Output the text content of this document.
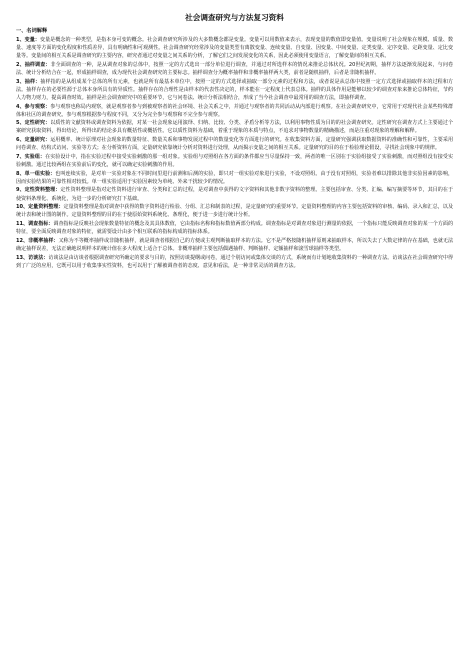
社会调查研究与方法复习资料
一、名词解释
1、变量：变量是概念的一种类型，是指本身可变的概念。社会调查研究所涉及的大多数概念都是变量。变量可以用数值来表示，表现变量的数值即变量值。变量说明了社会现象在规模、质量、数量、速度等方面的变化程度和性质差异，具有明确性和可观测性。社会调查研究经常涉及的变量类型有离散变量、连续变量、自变量、因变量、中间变量、定类变量、定序变量、定距变量、定比变量等。变量间的相互关系是调查研究的主要内容，研究者通过对变量之间关系的分析，了解它们之间发展变化的关系，因此必须使用变量语言，了解变量间的相互关系。
2、抽样调查：非全面调查的一种，是从调查对象的总体中，按照一定的方式选出一部分单位进行调查，并通过对所选样本的情况来推论总体状况。20世纪初期，抽样方法逐渐发展起来，与问卷法、统计分析结合在一起，形成抽样调查，成为现代社会调查研究的主要标志。抽样调查分为概率抽样和非概率抽样两大类，前者是随机抽样，后者是非随机抽样。
3、抽样：抽样指的是从组成某个总体的所有元素，也就是所有最基本单位中，按照一定的方式选择或抽取一部分元素的过程和方法，或者说是从总体中按照一定方式选择或抽取样本的过程和方法。抽样存在的必要性源于总体本身所具有的异质性。抽样存在的合理性是由样本的代表性决定的，样本能在一定程度上代表总体。抽样的具体作用是能够以较少的调查对象来推论总体特征，节约人力物力财力，提高调查时效。抽样是社会调查研究中的重要环节，它与问卷法、统计分析法相结合，形成了当今社会调查中最常用的调查方法，即抽样调查。
4、参与观察：参与观察也称局内观察，就是观察者参与到被观察者的社会环境、社会关系之中，并通过与观察者的共同活动从内部进行观察。在社会调查研究中，它常用于对现代社会某些特殊群体和社区的调查研究。参与观察根据参与程度不同，又分为完全参与观察和不完全参与观察。
5、定性研究：以质性的文献资料或调查资料为依据，对某一社会现象运用演绎、归纳、比较、分类、矛盾分析等方法，以利用事物性质为目的的社会调查研究。定性研究在调查方式上主要通过个案研究获取资料，得出结论，所得出的结论多具有概括性或概括性。它以质性资料为基础，着重于现象的本质与特点，不追求对事物数量的精确描述，而是注重对现象的理解和解释。
6、定量研究：运用概率、统计原理对社会现象的数量特征、数量关系和事物发展过程中的数量变化等方面进行的研究。在收集资料方面，定量研究强调获取数据资料的准确性和可靠性，主要采用问卷调查、结构式访问、实验等方式；在分析资料方面，定量研究依靠统计分析对资料进行处理，从而揭示变量之间的相互关系。定量研究的目的在于检验理论假设，寻找社会现象中的规律。
7、实验组：在实验设计中，指在实验过程中接受实验刺激的那一组对象。实验组与对照组在各方面的条件都应当尽量保持一致，两者的唯一区别在于实验组接受了实验刺激，而对照组没有接受实验刺激。通过比较两组在实验前后的变化，就可以确定实验刺激的作用。
8、单一组实验：也叫连续实验，是对单一实验对象在不同时间里进行前测和后测的实验，即只对一组实验对象进行实验，不设对照组。由于没有对照组，实验者难以排除其他非实验因素的影响，因而实验结果的可靠性相对较低。单一组实验适用于实验因素较为单纯、外来干扰较少的情况。
9、定性资料整理：定性资料整理是指对定性资料进行审查、分类和汇总的过程，是对调查中获得的文字资料和其他非数字资料的整理。主要包括审查、分类、汇编、编写摘要等环节，其目的在于使资料条理化、系统化，为进一步的分析研究打下基础。
10、定量资料整理：定量资料整理是指对调查中获得的数字资料进行检验、分组、汇总和制表的过程，是定量研究的重要环节。定量资料整理的内容主要包括资料的审核、编码、录入和汇总，以及统计表和统计图的制作。定量资料整理的目的在于使原始资料系统化、条理化，便于进一步进行统计分析。
11、调查指标：调查指标是反映社会现象数量特征的概念及其具体数值，它由指标名称和指标数值两部分构成。调查指标是对调查对象进行测量的依据，一个指标只能反映调查对象的某一个方面的特征，要全面反映调查对象的特征，就需要设计由多个相互联系的指标构成的指标体系。
12、非概率抽样：又称为不等概率抽样或非随机抽样，就是调查者根据自己的方便或主观判断抽取样本的方法。它不是严格按随机抽样原则来抽取样本，所以失去了大数定律的存在基础，也就无法确定抽样误差，无法正确地说明样本的统计值在多大程度上适合于总体。非概率抽样主要包括偶遇抽样、判断抽样、定额抽样和滚雪球抽样等类型。
13、访谈法：访谈法是由访谈者根据调查研究所确定的要求与目的，按照访谈提纲或问卷，通过个别访问或集体交谈的方式，系统而有计划地收集资料的一种调查方法。访谈法在社会调查研究中得到了广泛的应用，它既可以用于收集事实性资料，也可以用于了解被调查者的态度、意见和看法，是一种非常灵活的调查方法。
